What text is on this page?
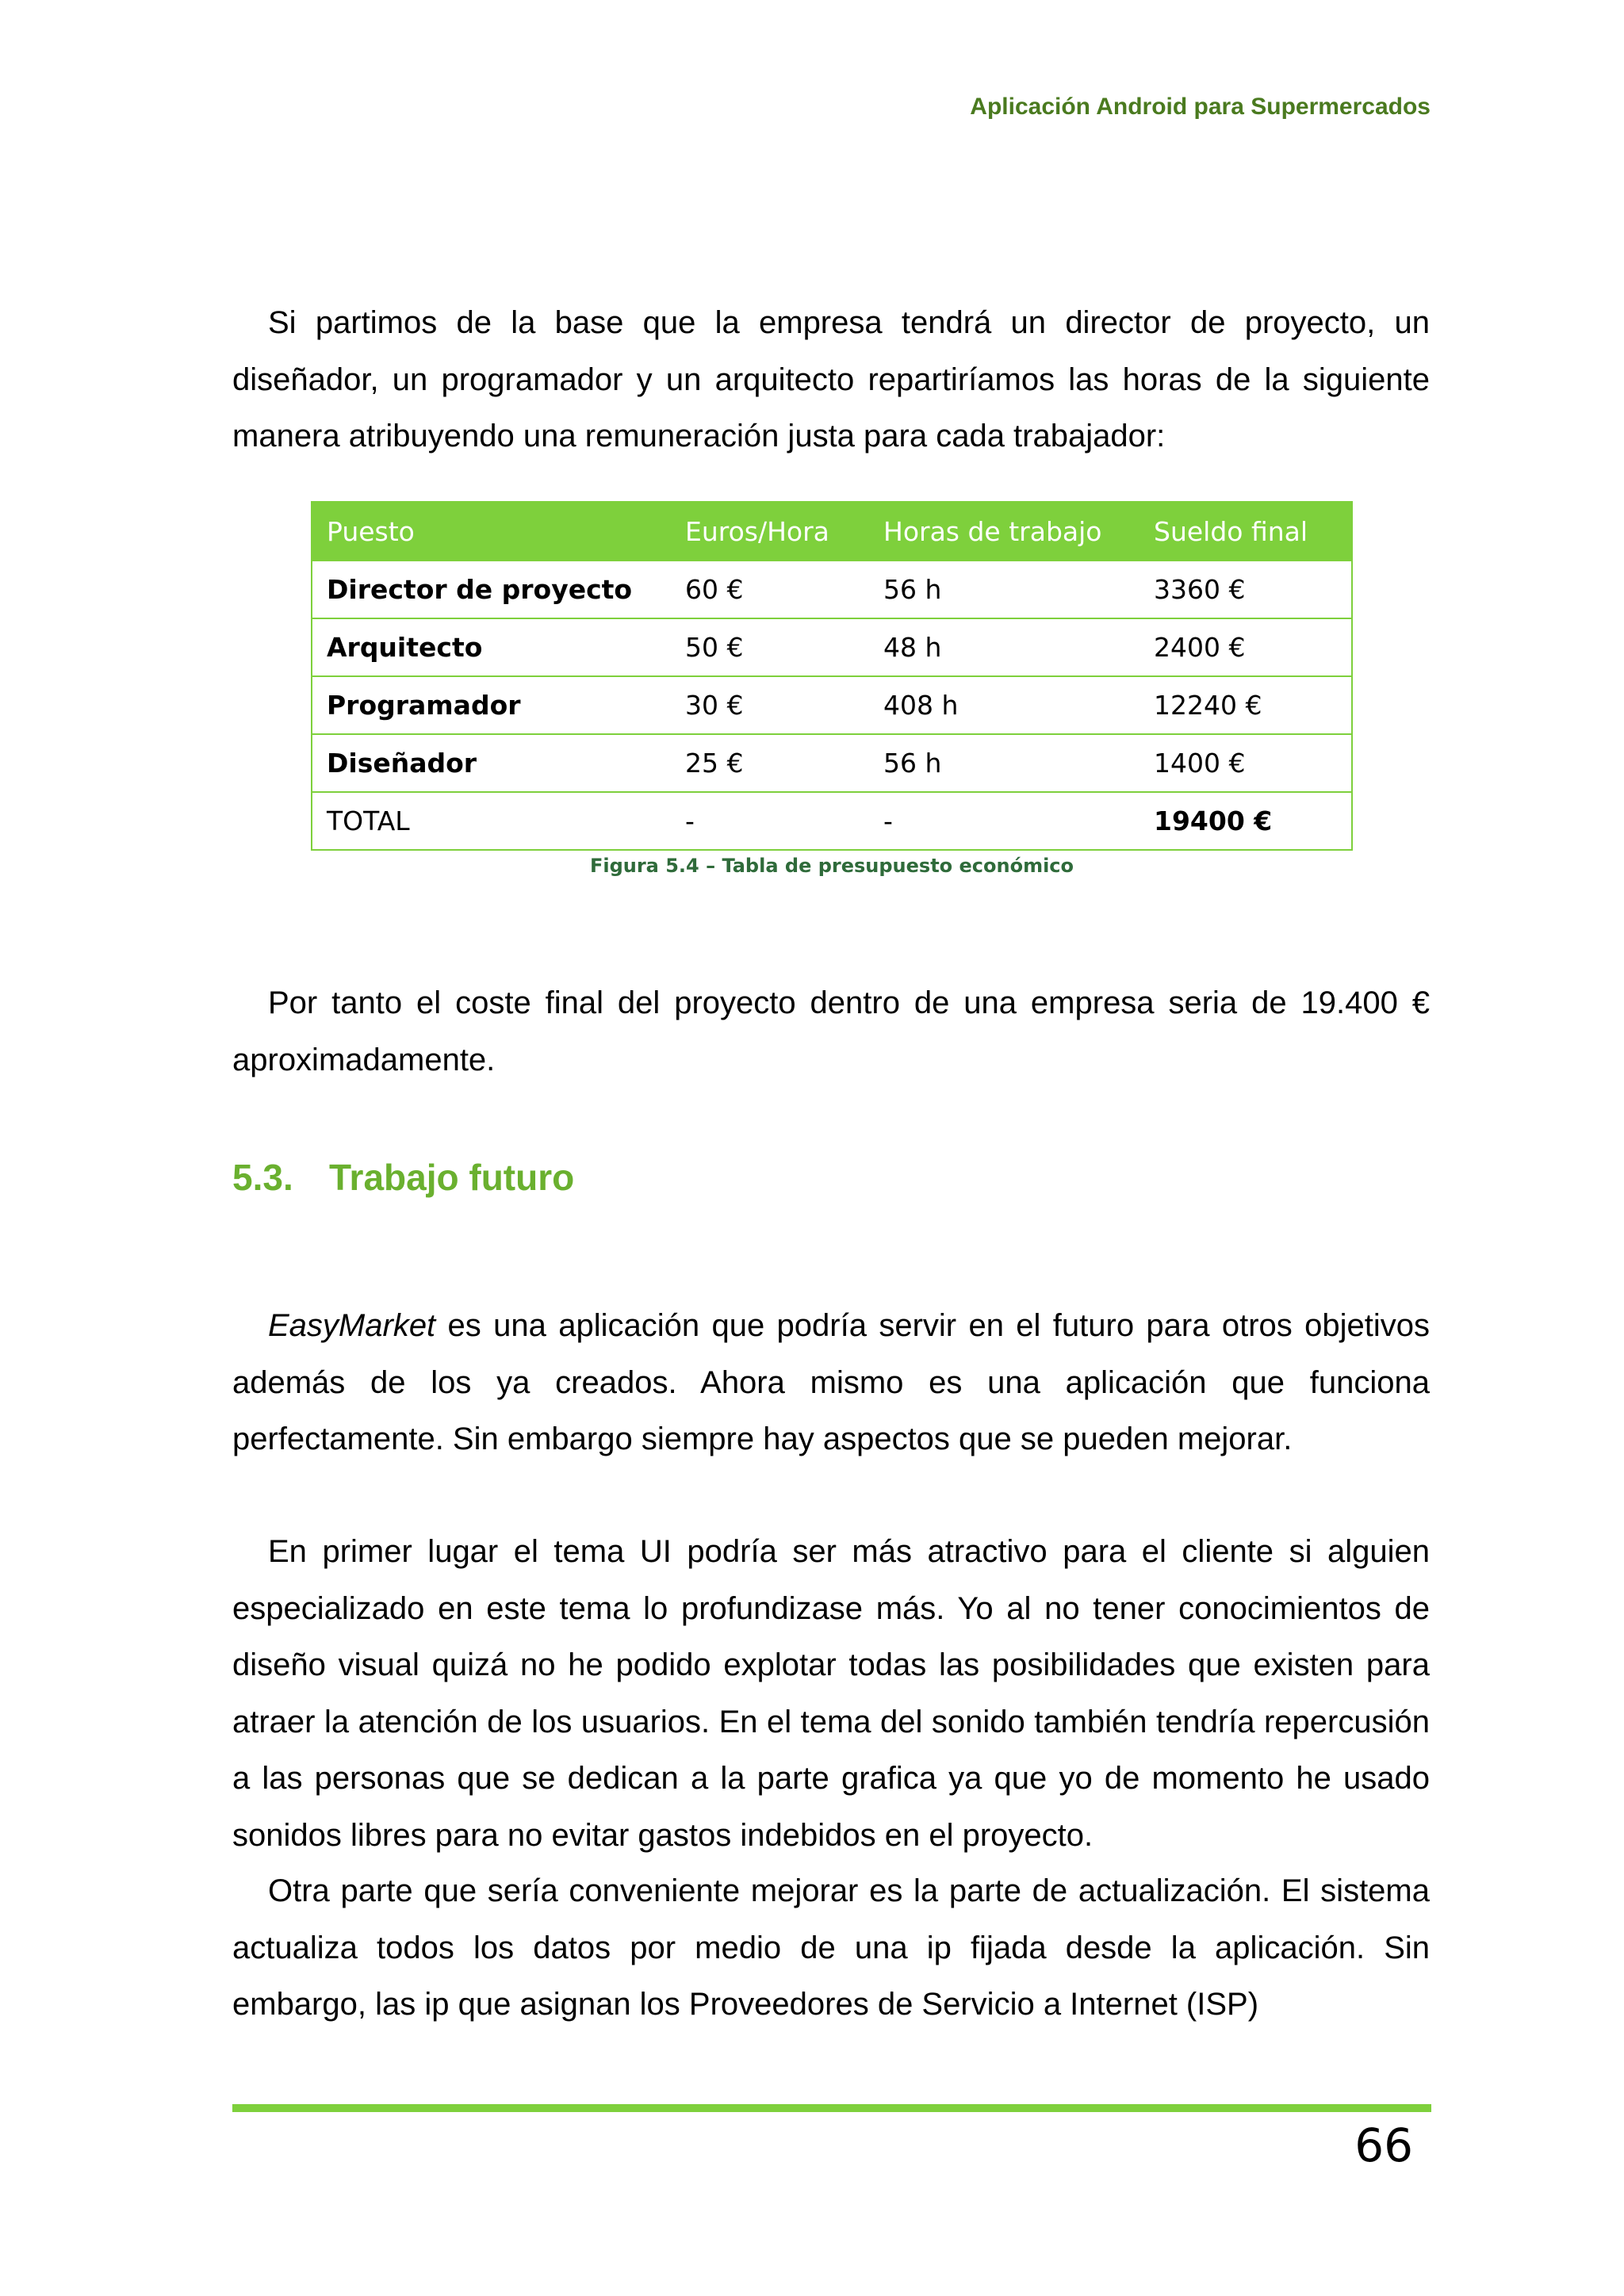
Aplicación Android para Supermercados

Si partimos de la base que la empresa tendrá un director de proyecto, un diseñador, un programador y un arquitecto repartiríamos las horas de la siguiente manera atribuyendo una remuneración justa para cada trabajador:

Puesto	Euros/Hora	Horas de trabajo	Sueldo final
Director de proyecto	60 €	56 h	3360 €
Arquitecto	50 €	48 h	2400 €
Programador	30 €	408 h	12240 €
Diseñador	25 €	56 h	1400 €
TOTAL	-	-	19400 €
Figura 5.4 – Tabla de presupuesto económico

Por tanto el coste final del proyecto dentro de una empresa seria de 19.400 € aproximadamente.

5.3. Trabajo futuro

EasyMarket es una aplicación que podría servir en el futuro para otros objetivos además de los ya creados. Ahora mismo es una aplicación que funciona perfectamente. Sin embargo siempre hay aspectos que se pueden mejorar.

En primer lugar el tema UI podría ser más atractivo para el cliente si alguien especializado en este tema lo profundizase más. Yo al no tener conocimientos de diseño visual quizá no he podido explotar todas las posibilidades que existen para atraer la atención de los usuarios. En el tema del sonido también tendría repercusión a las personas que se dedican a la parte grafica ya que yo de momento he usado sonidos libres para no evitar gastos indebidos en el proyecto.

Otra parte que sería conveniente mejorar es la parte de actualización. El sistema actualiza todos los datos por medio de una ip fijada desde la aplicación. Sin embargo, las ip que asignan los Proveedores de Servicio a Internet (ISP)

66
